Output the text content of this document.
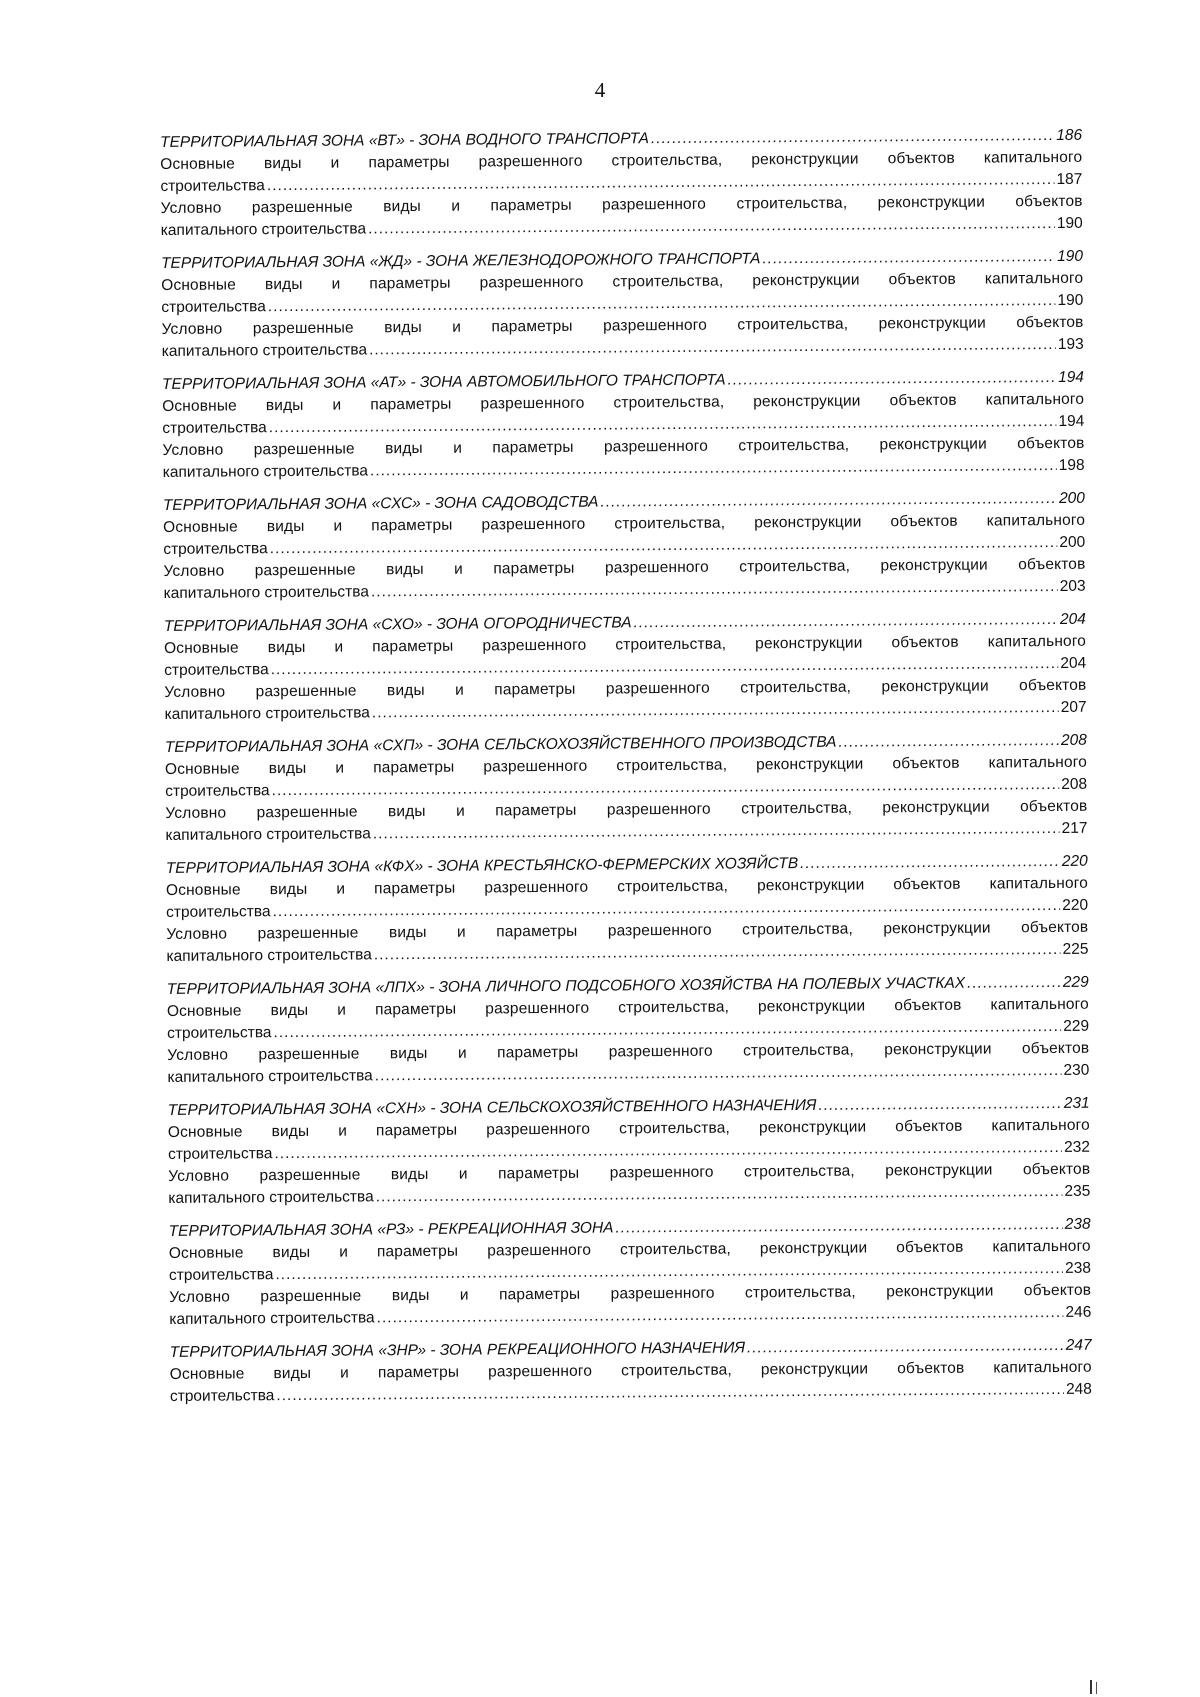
4
ТЕРРИТОРИАЛЬНАЯ ЗОНА «ВТ» - ЗОНА ВОДНОГО ТРАНСПОРТА .....	186
Основные виды и параметры разрешенного строительства, реконструкции объектов капитального
строительства .....	187
Условно разрешенные виды и параметры разрешенного строительства, реконструкции объектов
капитального строительства .....	190
ТЕРРИТОРИАЛЬНАЯ ЗОНА «ЖД» - ЗОНА ЖЕЛЕЗНОДОРОЖНОГО ТРАНСПОРТА .....	190
Основные виды и параметры разрешенного строительства, реконструкции объектов капитального
строительства .....	190
Условно разрешенные виды и параметры разрешенного строительства, реконструкции объектов
капитального строительства .....	193
ТЕРРИТОРИАЛЬНАЯ ЗОНА «АТ» - ЗОНА АВТОМОБИЛЬНОГО ТРАНСПОРТА .....	194
Основные виды и параметры разрешенного строительства, реконструкции объектов капитального
строительства .....	194
Условно разрешенные виды и параметры разрешенного строительства, реконструкции объектов
капитального строительства .....	198
ТЕРРИТОРИАЛЬНАЯ ЗОНА «СХС» - ЗОНА САДОВОДСТВА .....	200
Основные виды и параметры разрешенного строительства, реконструкции объектов капитального
строительства .....	200
Условно разрешенные виды и параметры разрешенного строительства, реконструкции объектов
капитального строительства .....	203
ТЕРРИТОРИАЛЬНАЯ ЗОНА «СХО» - ЗОНА ОГОРОДНИЧЕСТВА .....	204
Основные виды и параметры разрешенного строительства, реконструкции объектов капитального
строительства .....	204
Условно разрешенные виды и параметры разрешенного строительства, реконструкции объектов
капитального строительства .....	207
ТЕРРИТОРИАЛЬНАЯ ЗОНА «СХП» - ЗОНА СЕЛЬСКОХОЗЯЙСТВЕННОГО ПРОИЗВОДСТВА .....	208
Основные виды и параметры разрешенного строительства, реконструкции объектов капитального
строительства .....	208
Условно разрешенные виды и параметры разрешенного строительства, реконструкции объектов
капитального строительства .....	217
ТЕРРИТОРИАЛЬНАЯ ЗОНА «КФХ» - ЗОНА КРЕСТЬЯНСКО-ФЕРМЕРСКИХ ХОЗЯЙСТВ .....	220
Основные виды и параметры разрешенного строительства, реконструкции объектов капитального
строительства .....	220
Условно разрешенные виды и параметры разрешенного строительства, реконструкции объектов
капитального строительства .....	225
ТЕРРИТОРИАЛЬНАЯ ЗОНА «ЛПХ» - ЗОНА ЛИЧНОГО ПОДСОБНОГО ХОЗЯЙСТВА НА ПОЛЕВЫХ УЧАСТКАХ .....	229
Основные виды и параметры разрешенного строительства, реконструкции объектов капитального
строительства .....	229
Условно разрешенные виды и параметры разрешенного строительства, реконструкции объектов
капитального строительства .....	230
ТЕРРИТОРИАЛЬНАЯ ЗОНА «СХН» - ЗОНА СЕЛЬСКОХОЗЯЙСТВЕННОГО НАЗНАЧЕНИЯ .....	231
Основные виды и параметры разрешенного строительства, реконструкции объектов капитального
строительства .....	232
Условно разрешенные виды и параметры разрешенного строительства, реконструкции объектов
капитального строительства .....	235
ТЕРРИТОРИАЛЬНАЯ ЗОНА «РЗ» - РЕКРЕАЦИОННАЯ ЗОНА .....	238
Основные виды и параметры разрешенного строительства, реконструкции объектов капитального
строительства .....	238
Условно разрешенные виды и параметры разрешенного строительства, реконструкции объектов
капитального строительства .....	246
ТЕРРИТОРИАЛЬНАЯ ЗОНА «ЗНР» - ЗОНА РЕКРЕАЦИОННОГО НАЗНАЧЕНИЯ .....	247
Основные виды и параметры разрешенного строительства, реконструкции объектов капитального
строительства .....	248
